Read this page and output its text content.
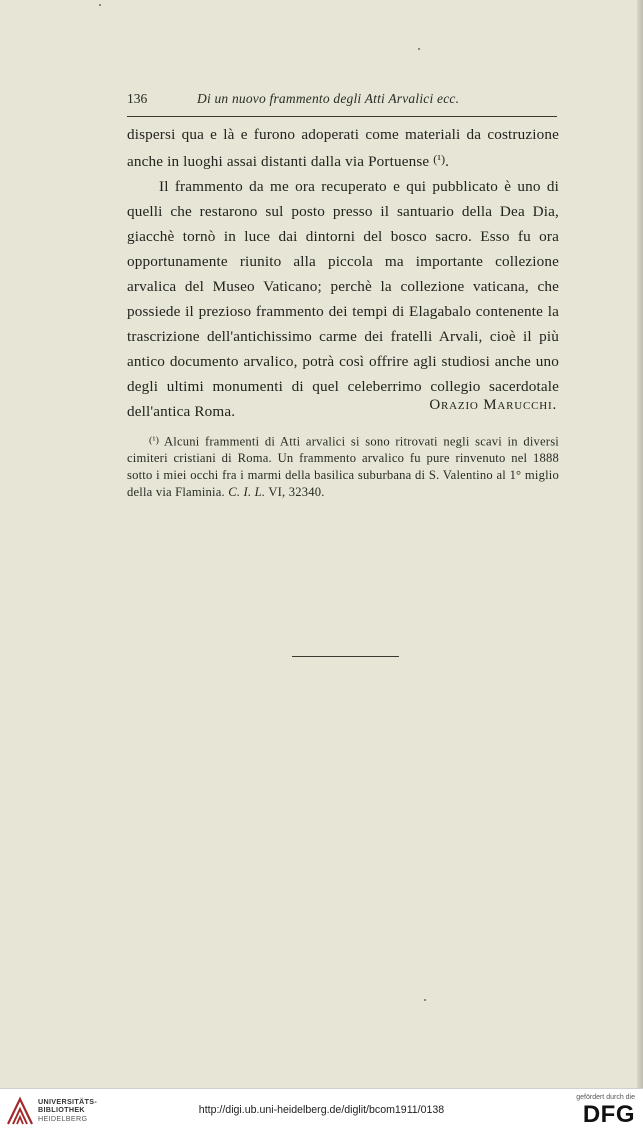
136	Di un nuovo frammento degli Atti Arvalici ecc.

dispersi qua e là e furono adoperati come materiali da costruzione anche in luoghi assai distanti dalla via Portuense (¹).

Il frammento da me ora recuperato e qui pubblicato è uno di quelli che restarono sul posto presso il santuario della Dea Dia, giacchè tornò in luce dai dintorni del bosco sacro. Esso fu ora opportunamente riunito alla piccola ma importante collezione arvalica del Museo Vaticano; perchè la collezione vaticana, che possiede il prezioso frammento dei tempi di Elagabalo contenente la trascrizione dell'antichissimo carme dei fratelli Arvali, cioè il più antico documento arvalico, potrà così offrire agli studiosi anche uno degli ultimi monumenti di quel celeberrimo collegio sacerdotale dell'antica Roma.	Orazio Marucchi.

(¹) Alcuni frammenti di Atti arvalici si sono ritrovati negli scavi in diversi cimiteri cristiani di Roma. Un frammento arvalico fu pure rinvenuto nel 1888 sotto i miei occhi fra i marmi della basilica suburbana di S. Valentino al 1° miglio della via Flaminia. C. I. L. VI, 32340.

UNIVERSITÄTS-
BIBLIOTHEK
HEIDELBERG
http://digi.ub.uni-heidelberg.de/diglit/bcom1911/0138
gefördert durch die
DFG
